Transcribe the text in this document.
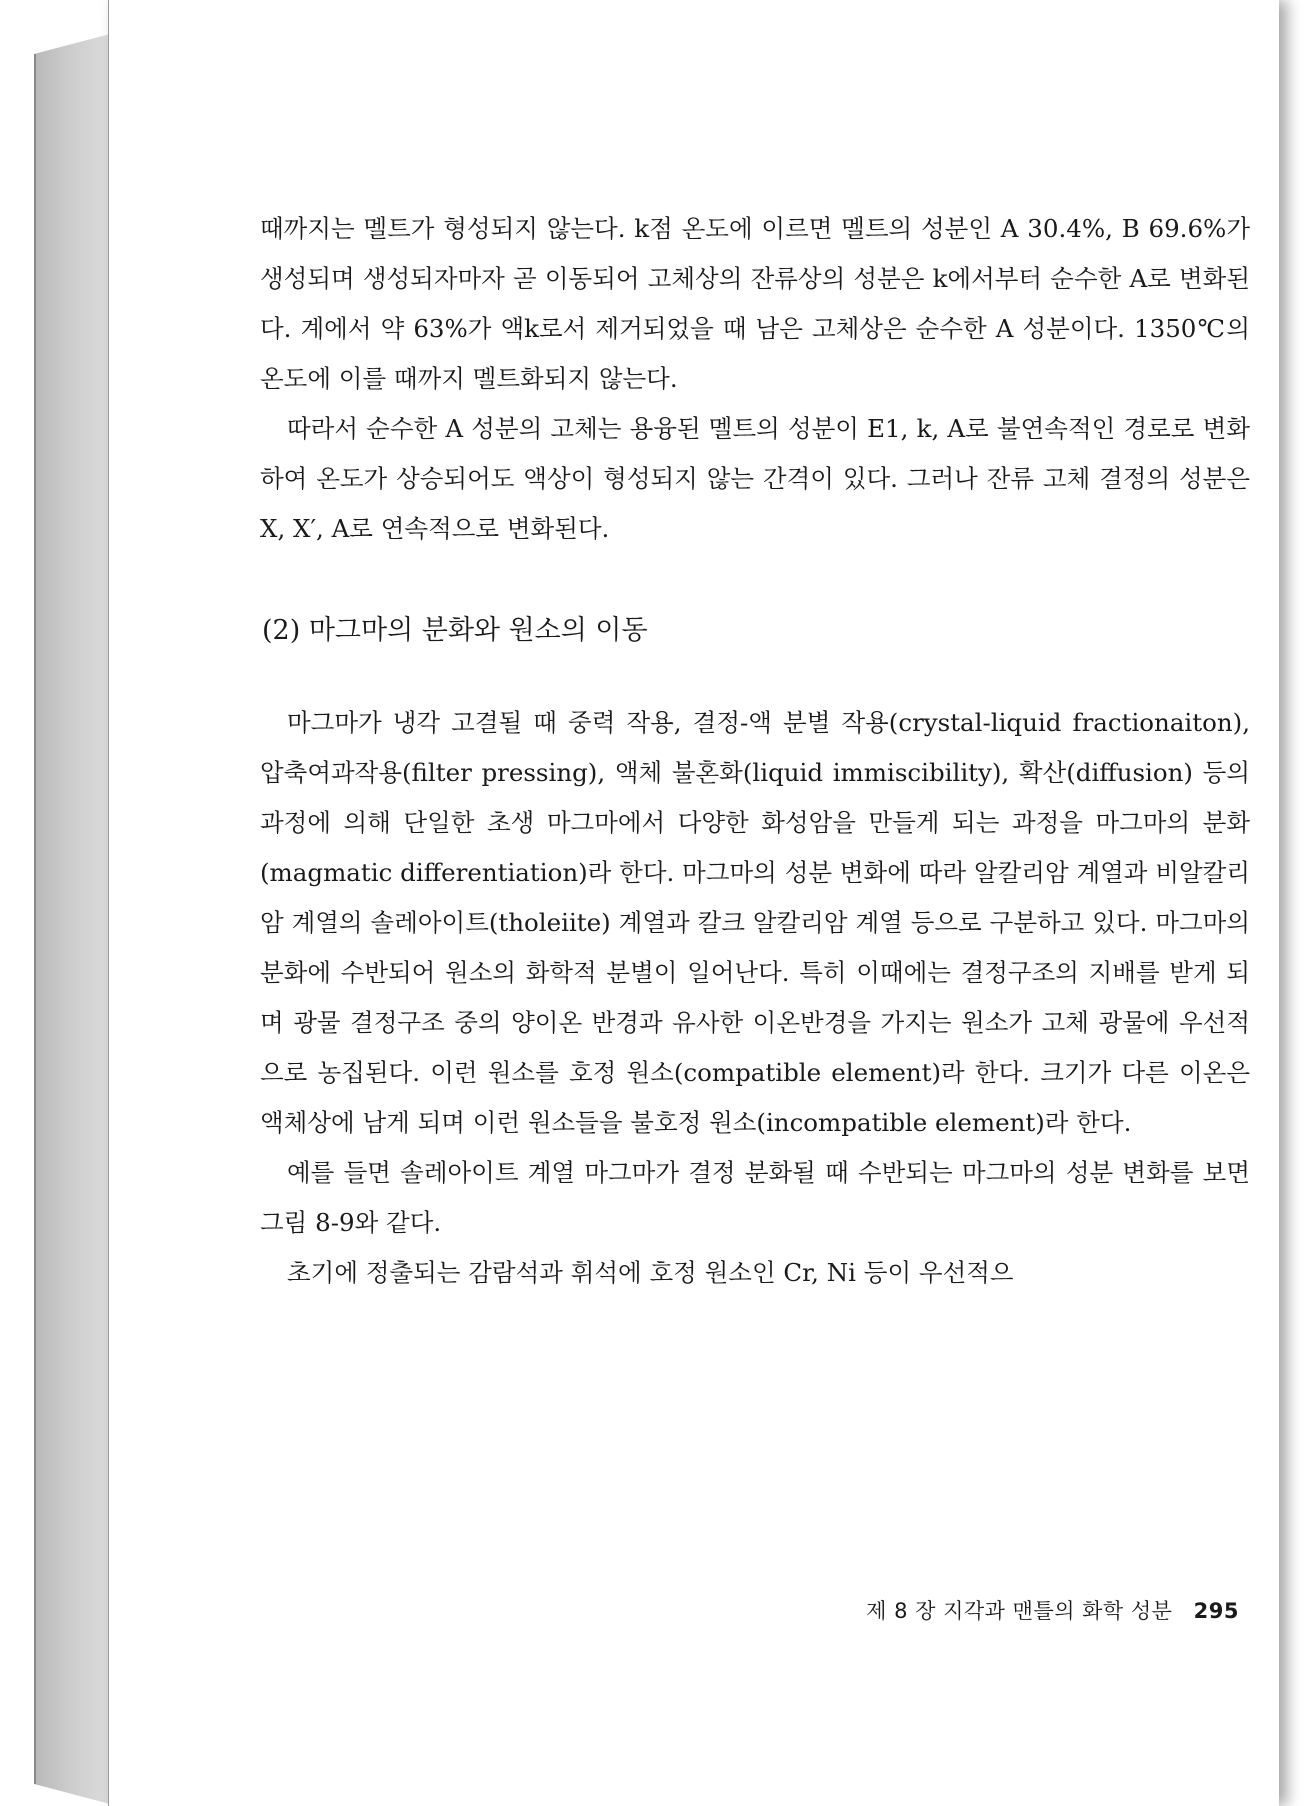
때까지는 멜트가 형성되지 않는다. k점 온도에 이르면 멜트의 성분인 A 30.4%, B 69.6%가 생성되며 생성되자마자 곧 이동되어 고체상의 잔류상의 성분은 k에서부터 순수한 A로 변화된다. 계에서 약 63%가 액k로서 제거되었을 때 남은 고체상은 순수한 A 성분이다. 1350℃의 온도에 이를 때까지 멜트화되지 않는다.

따라서 순수한 A 성분의 고체는 용융된 멜트의 성분이 E1, k, A로 불연속적인 경로로 변화하여 온도가 상승되어도 액상이 형성되지 않는 간격이 있다. 그러나 잔류 고체 결정의 성분은 X, X′, A로 연속적으로 변화된다.

(2) 마그마의 분화와 원소의 이동

마그마가 냉각 고결될 때 중력 작용, 결정-액 분별 작용(crystal-liquid fractionaiton), 압축여과작용(filter pressing), 액체 불혼화(liquid immiscibility), 확산(diffusion) 등의 과정에 의해 단일한 초생 마그마에서 다양한 화성암을 만들게 되는 과정을 마그마의 분화(magmatic differentiation)라 한다. 마그마의 성분 변화에 따라 알칼리암 계열과 비알칼리암 계열의 솔레아이트(tholeiite) 계열과 칼크 알칼리암 계열 등으로 구분하고 있다. 마그마의 분화에 수반되어 원소의 화학적 분별이 일어난다. 특히 이때에는 결정구조의 지배를 받게 되며 광물 결정구조 중의 양이온 반경과 유사한 이온반경을 가지는 원소가 고체 광물에 우선적으로 농집된다. 이런 원소를 호정 원소(compatible element)라 한다. 크기가 다른 이온은 액체상에 남게 되며 이런 원소들을 불호정 원소(incompatible element)라 한다.

예를 들면 솔레아이트 계열 마그마가 결정 분화될 때 수반되는 마그마의 성분 변화를 보면 그림 8-9와 같다.

초기에 정출되는 감람석과 휘석에 호정 원소인 Cr, Ni 등이 우선적으

제 8 장 지각과 맨틀의 화학 성분 295
